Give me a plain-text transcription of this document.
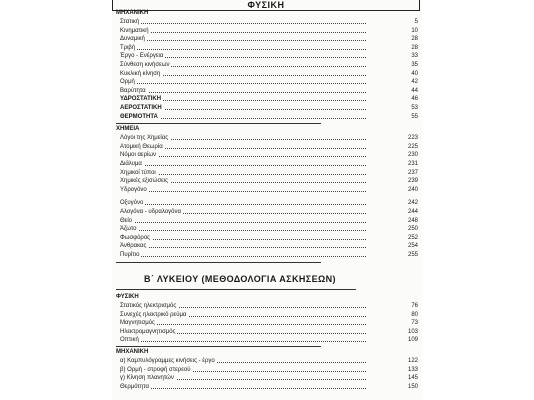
ΦΥΣΙΚΗ
Β΄ ΛΥΚΕΙΟΥ (ΜΕΘΟΔΟΛΟΓΙΑ ΑΣΚΗΣΕΩΝ)
ΜΗΧΑΝΙΚΗ
Στατική	5
Κινηματική	10
Δυναμική	28
Τριβή	28
Έργο - Ενέργεια	33
Σύνθεση κινήσεων	35
Κυκλική κίνηση	40
Ορμή	42
Βαρύτητα	44
ΥΔΡΟΣΤΑΤΙΚΗ	46
ΑΕΡΟΣΤΑΤΙΚΗ	53
ΘΕΡΜΟΤΗΤΑ	55
ΧΗΜΕΙΑ
Λόγοι της Χημείας	223
Ατομική Θεωρία	225
Νόμοι αερίων	230
Διάλυμα	231
Χημικοί τύποι	237
Χημικές εξισώσεις	239
Υδρογόνο	240
Οξυγόνο	242
Αλογόνα - υδραλογόνα	244
Θείο	248
Άζωτο	250
Φωσφόρος	252
Άνθρακας	254
Πυρίτιο	255
ΦΥΣΙΚΗ
Στατικός ηλεκτρισμός	76
Συνεχές ηλεκτρικό ρεύμα	80
Μαγνητισμός	73
Ηλεκτρομαγνητισμός	103
Οπτική	109
ΜΗΧΑΝΙΚΗ
α) Καμπυλόγραμμες κινήσεις - έργο	122
β) Ορμή - στροφή στερεού	133
γ) Κίνηση πλανητών	145
Θερμότητα	150
